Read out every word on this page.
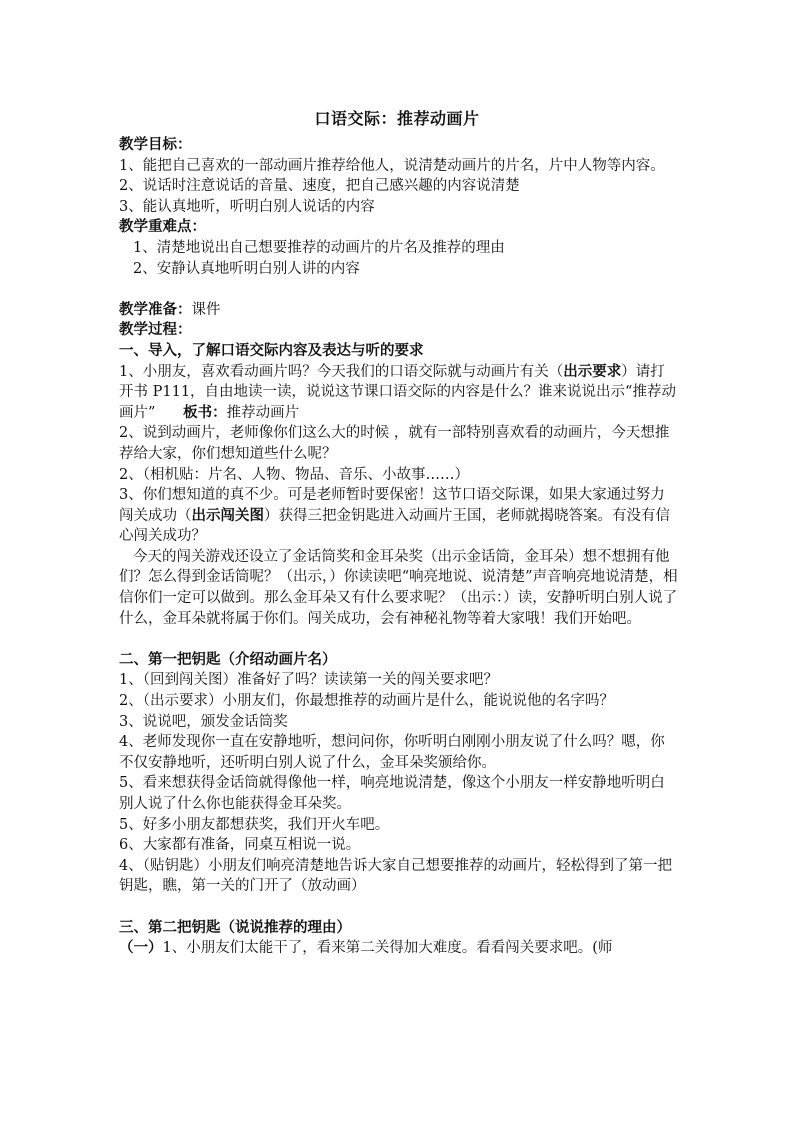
口语交际：推荐动画片

教学目标：

1、能把自己喜欢的一部动画片推荐给他人，说清楚动画片的片名，片中人物等内容。

2、说话时注意说话的音量、速度，把自己感兴趣的内容说清楚

3、能认真地听，听明白别人说话的内容

教学重难点：

1、清楚地说出自己想要推荐的动画片的片名及推荐的理由

2、安静认真地听明白别人讲的内容

教学准备：课件

教学过程：

一、导入，了解口语交际内容及表达与听的要求

1、小朋友，喜欢看动画片吗？今天我们的口语交际就与动画片有关（出示要求）请打开书 P111，自由地读一读，说说这节课口语交际的内容是什么？谁来说说出示“推荐动画片” 板书：推荐动画片

2、说到动画片，老师像你们这么大的时候 ，就有一部特别喜欢看的动画片，今天想推荐给大家，你们想知道些什么呢？

2、（相机贴：片名、人物、物品、音乐、小故事……）

3、你们想知道的真不少。可是老师暂时要保密！这节口语交际课，如果大家通过努力闯关成功（出示闯关图）获得三把金钥匙进入动画片王国，老师就揭晓答案。有没有信心闯关成功？

今天的闯关游戏还设立了金话筒奖和金耳朵奖（出示金话筒，金耳朵）想不想拥有他们？怎么得到金话筒呢？（出示，）你读读吧“响亮地说、说清楚”声音响亮地说清楚，相信你们一定可以做到。那么金耳朵又有什么要求呢？（出示：）读，安静听明白别人说了什么，金耳朵就将属于你们。闯关成功，会有神秘礼物等着大家哦！我们开始吧。

二、第一把钥匙（介绍动画片名）

1、（回到闯关图）准备好了吗？读读第一关的闯关要求吧？

2、（出示要求）小朋友们，你最想推荐的动画片是什么，能说说他的名字吗？

3、说说吧，颁发金话筒奖

4、老师发现你一直在安静地听，想问问你，你听明白刚刚小朋友说了什么吗？嗯，你不仅安静地听，还听明白别人说了什么，金耳朵奖颁给你。

5、看来想获得金话筒就得像他一样，响亮地说清楚，像这个小朋友一样安静地听明白别人说了什么你也能获得金耳朵奖。

5、好多小朋友都想获奖，我们开火车吧。

6、大家都有准备，同桌互相说一说。

4、（贴钥匙）小朋友们响亮清楚地告诉大家自己想要推荐的动画片，轻松得到了第一把钥匙，瞧，第一关的门开了（放动画）

三、第二把钥匙（说说推荐的理由）

（一）1、小朋友们太能干了，看来第二关得加大难度。看看闯关要求吧。(师
